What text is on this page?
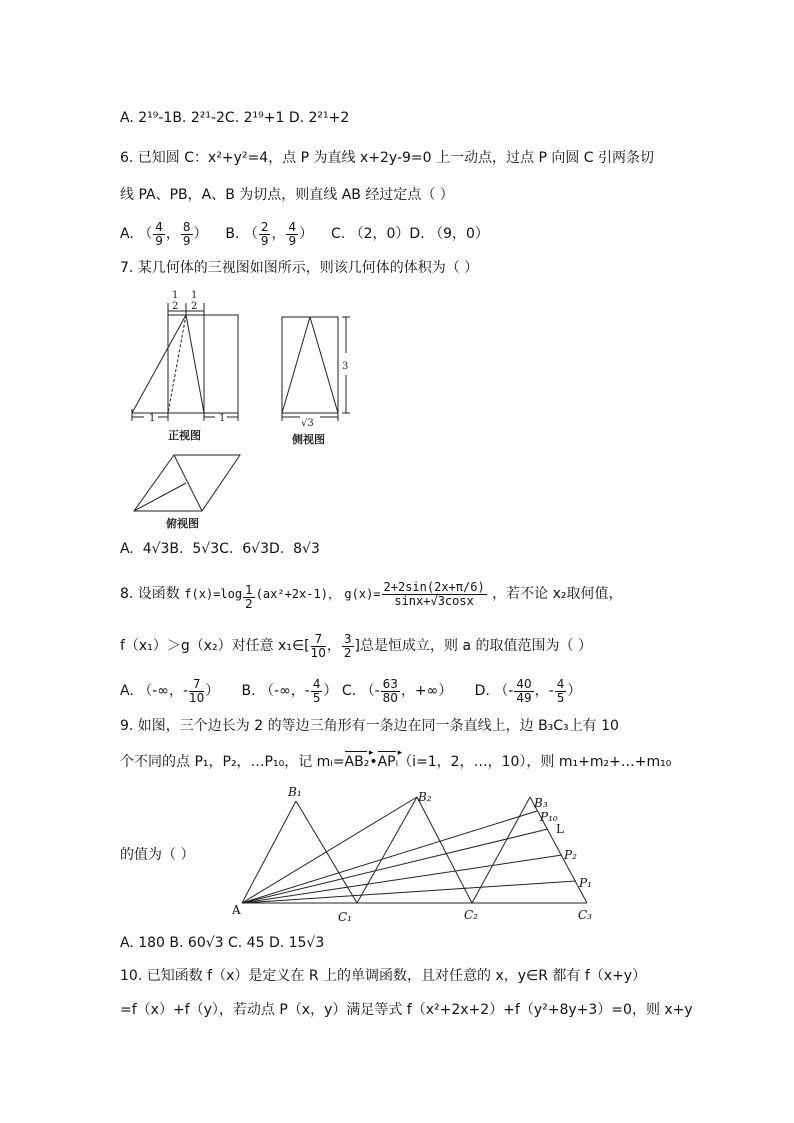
A. 2¹⁹-1B. 2²¹-2C. 2¹⁹+1 D. 2²¹+2
6. 已知圆 C：x²+y²=4，点 P 为直线 x+2y-9=0 上一动点，过点 P 向圆 C 引两条切
线 PA、PB，A、B 为切点，则直线 AB 经过定点（ ）
A. （ $\frac{4}{9}$ ， $\frac{8}{9}$ ）    B. （ $\frac{2}{9}$ ， $\frac{4}{9}$ ）    C. （2，0）D. （9，0）
7. 某几何体的三视图如图所示，则该几何体的体积为（ ）
1
2
1
2
1	1
3
√3
正视图	侧视图
俯视图
A. 4√3B. 5√3C. 6√3D. 8√3
8. 设函数 $f(x)=\log \frac{1}{2} (ax^2+2x-1)$， $g(x)= \frac{2+2\sin(2x+\pi/6)}{\sin x+√3\cos x}$ ，若不论 x₂取何值，
f（x₁）＞g（x₂）对任意 x₁∈[ $\frac{7}{10}$ ， $\frac{3}{2}$ ]总是恒成立，则 a 的取值范围为（ ）
A. （-∞，- $\frac{7}{10}$ ） B. （-∞，- $\frac{4}{5}$ ） C. （- $\frac{63}{80}$ ，+∞） D. （- $\frac{40}{49}$ ，- $\frac{4}{5}$ ）
9. 如图，三个边长为 2 的等边三角形有一条边在同一条直线上，边 B₃C₃上有 10
个不同的点 P₁，P₂，…P₁₀，记 mᵢ=AB₂ ▸•APᵢ ▸（i=1，2，…，10），则 m₁+m₂+…+m₁₀
B₁	B₂	B₃
P₁₀
L
P₂
P₁
A	C₁	C₂	C₃
的值为（ ）
A. 180 B. 60√3 C. 45 D. 15√3
10. 已知函数 f（x）是定义在 R 上的单调函数，且对任意的 x，y∈R 都有 f（x+y）
=f（x）+f（y），若动点 P（x，y）满足等式 f（x²+2x+2）+f（y²+8y+3）=0，则 x+y
